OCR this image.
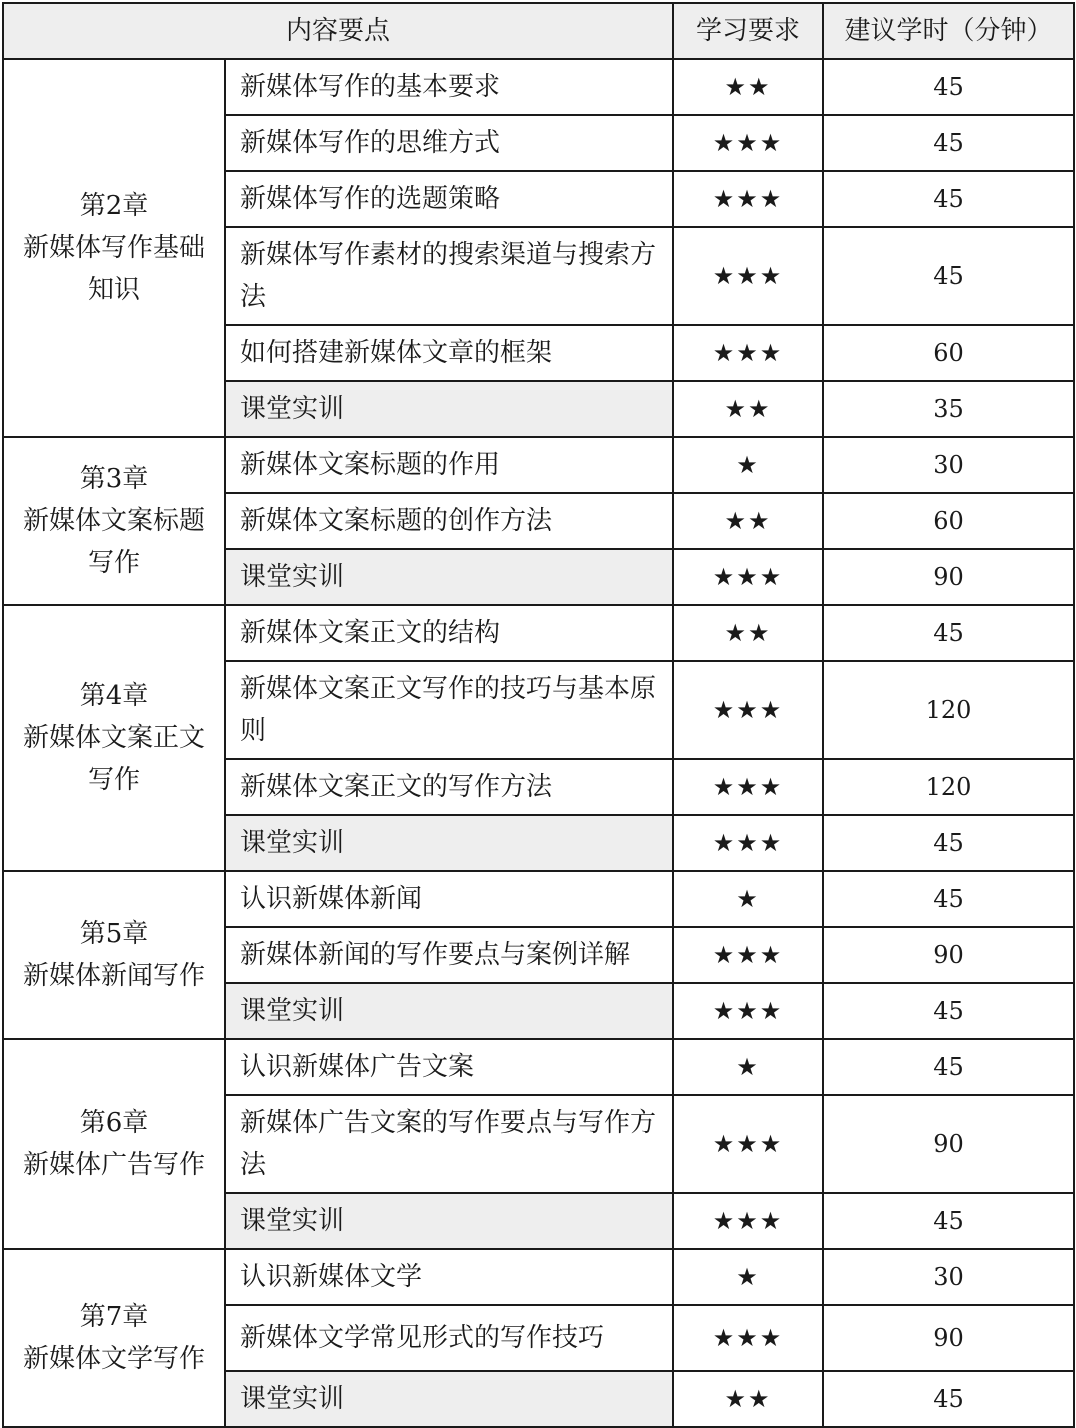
内容要点		学习要求	建议学时（分钟）

第2章
新媒体写作基础
知识	新媒体写作的基本要求	★★	45
	新媒体写作的思维方式	★★★	45
	新媒体写作的选题策略	★★★	45
	新媒体写作素材的搜索渠道与搜索方法	★★★	45
	如何搭建新媒体文章的框架	★★★	60
	课堂实训	★★	35

第3章
新媒体文案标题
写作	新媒体文案标题的作用	★	30
	新媒体文案标题的创作方法	★★	60
	课堂实训	★★★	90

第4章
新媒体文案正文
写作	新媒体文案正文的结构	★★	45
	新媒体文案正文写作的技巧与基本原则	★★★	120
	新媒体文案正文的写作方法	★★★	120
	课堂实训	★★★	45

第5章
新媒体新闻写作	认识新媒体新闻	★	45
	新媒体新闻的写作要点与案例详解	★★★	90
	课堂实训	★★★	45

第6章
新媒体广告写作	认识新媒体广告文案	★	45
	新媒体广告文案的写作要点与写作方法	★★★	90
	课堂实训	★★★	45

第7章
新媒体文学写作	认识新媒体文学	★	30
	新媒体文学常见形式的写作技巧	★★★	90
	课堂实训	★★	45
